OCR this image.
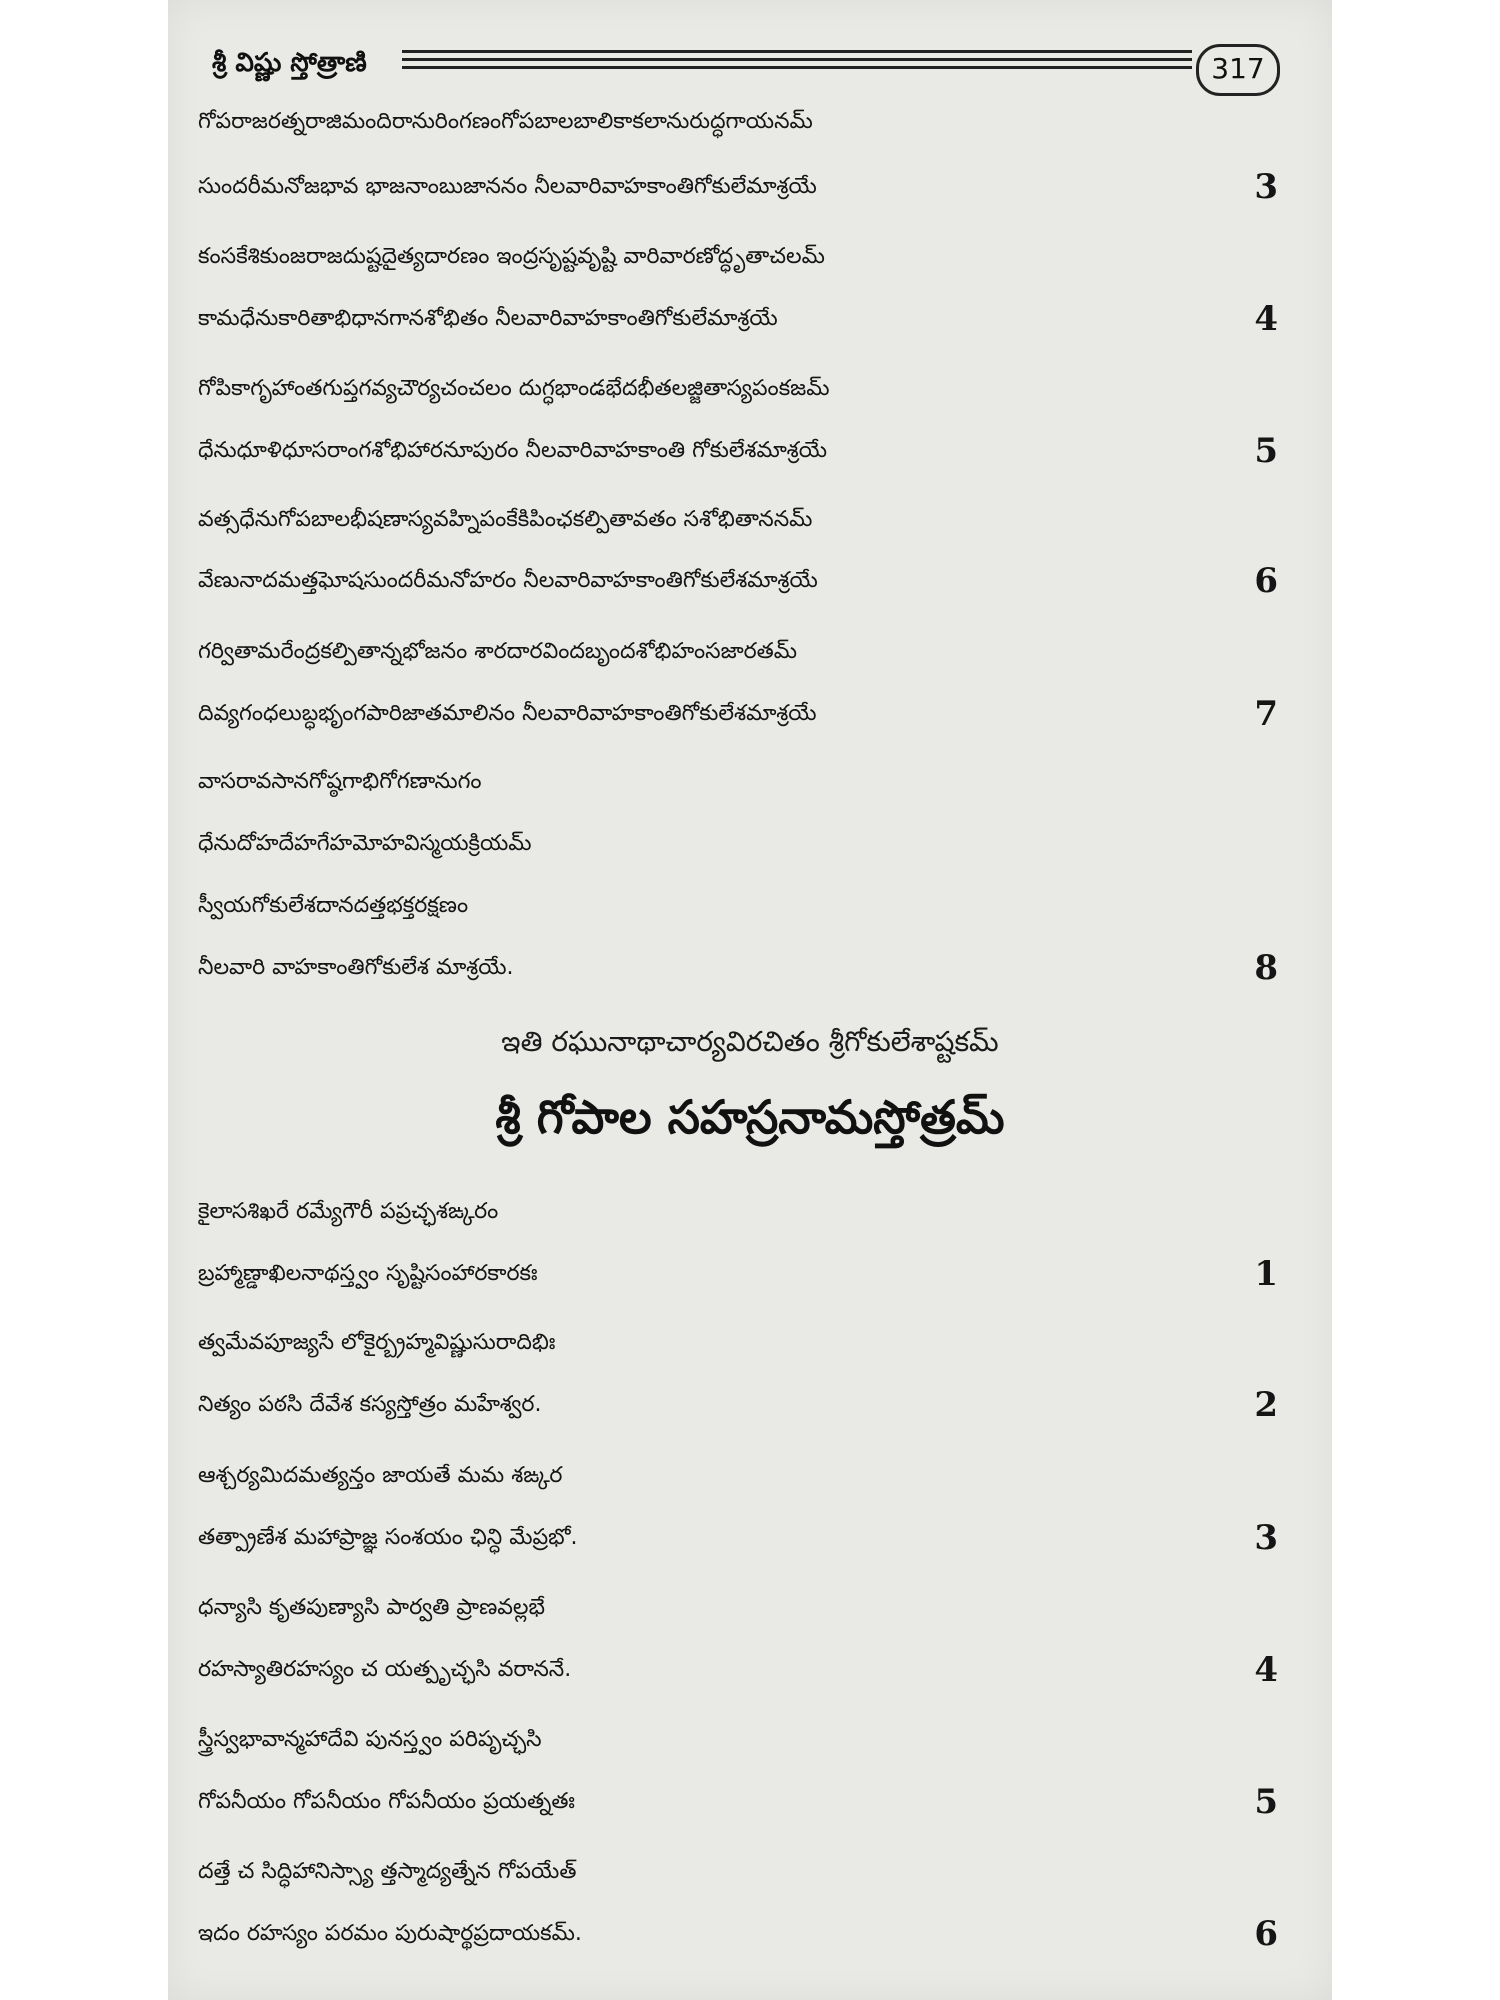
శ్రీ విష్ణు స్తోత్రాణి	317
గోపరాజరత్నరాజిమందిరానురింగణంగోపబాలబాలికాకలానురుద్ధగాయనమ్
సుందరీమనోజభావ భాజనాంబుజాననం నీలవారివాహకాంతిగోకులేమాశ్రయే	3
కంసకేశికుంజరాజదుష్టదైత్యదారణం ఇంద్రసృష్టవృష్టి వారివారణోద్ధృతాచలమ్
కామధేనుకారితాభిధానగానశోభితం నీలవారివాహకాంతిగోకులేమాశ్రయే	4
గోపికాగృహాంతగుప్తగవ్యచౌర్యచంచలం దుగ్ధభాండభేదభీతలజ్జితాస్యపంకజమ్
ధేనుధూళిధూసరాంగశోభిహారనూపురం నీలవారివాహకాంతి గోకులేశమాశ్రయే	5
వత్సధేనుగోపబాలభీషణాస్యవహ్నిపంకేకిపింఛకల్పితావతం సశోభితాననమ్
వేణునాదమత్తఘోషసుందరీమనోహరం నీలవారివాహకాంతిగోకులేశమాశ్రయే	6
గర్వితామరేంద్రకల్పితాన్నభోజనం శారదారవిందబృందశోభిహంసజారతమ్
దివ్యగంధలుబ్ధభృంగపారిజాతమాలినం నీలవారివాహకాంతిగోకులేశమాశ్రయే	7
వాసరావసానగోష్ఠగాభిగోగణానుగం
ధేనుదోహదేహగేహమోహవిస్మయక్రియమ్
స్వీయగోకులేశదానదత్తభక్తరక్షణం
నీలవారి వాహకాంతిగోకులేశ మాశ్రయే.	8
ఇతి రఘునాథాచార్యవిరచితం శ్రీగోకులేశాష్టకమ్
శ్రీ గోపాల సహస్రనామస్తోత్రమ్
కైలాసశిఖరే రమ్యేగౌరీ పప్రచ్ఛశఙ్కరం
బ్రహ్మాణ్డాఖిలనాథస్త్వం సృష్టిసంహారకారకః	1
త్వమేవపూజ్యసే లోకైర్బ్రహ్మవిష్ణుసురాదిభిః
నిత్యం పఠసి దేవేశ కస్యస్తోత్రం మహేశ్వర.	2
ఆశ్చర్యమిదమత్యన్తం జాయతే మమ శఙ్కర
తత్ప్రాణేశ మహాప్రాజ్ఞ సంశయం ఛిన్ధి మేప్రభో.	3
ధన్యాసి కృతపుణ్యాసి పార్వతి ప్రాణవల్లభే
రహస్యాతిరహస్యం చ యత్పృచ్ఛసి వరాననే.	4
స్త్రీస్వభావాన్మహాదేవి పునస్త్వం పరిపృచ్ఛసి
గోపనీయం గోపనీయం గోపనీయం ప్రయత్నతః	5
దత్తే చ సిద్ధిహానిస్స్యా త్తస్మాద్యత్నేన గోపయేత్
ఇదం రహస్యం పరమం పురుషార్థప్రదాయకమ్.	6
